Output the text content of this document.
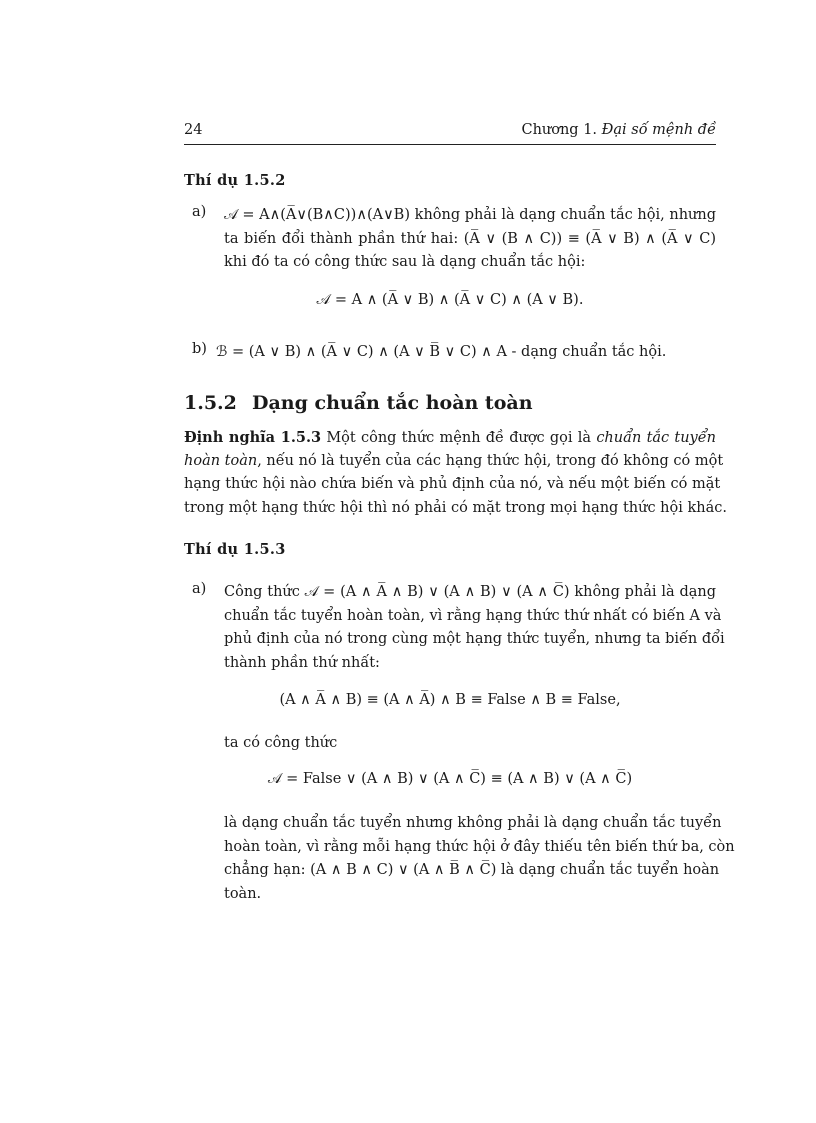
24	Chương 1. Đại số mệnh đề
Thí dụ 1.5.2
a) 𝒜 = A∧(A̅∨(B∧C))∧(A∨B) không phải là dạng chuẩn tắc hội, nhưng
ta biến đổi thành phần thứ hai: (A̅ ∨ (B ∧ C)) ≡ (A̅ ∨ B) ∧ (A̅ ∨ C)
khi đó ta có công thức sau là dạng chuẩn tắc hội:
𝒜 = A ∧ (A̅ ∨ B) ∧ (A̅ ∨ C) ∧ (A ∨ B).
b) ℬ = (A ∨ B) ∧ (A̅ ∨ C) ∧ (A ∨ B̅ ∨ C) ∧ A - dạng chuẩn tắc hội.
1.5.2 Dạng chuẩn tắc hoàn toàn
Định nghĩa 1.5.3 Một công thức mệnh đề được gọi là chuẩn tắc tuyển
hoàn toàn, nếu nó là tuyển của các hạng thức hội, trong đó không có một
hạng thức hội nào chứa biến và phủ định của nó, và nếu một biến có mặt
trong một hạng thức hội thì nó phải có mặt trong mọi hạng thức hội khác.
Thí dụ 1.5.3
a) Công thức 𝒜 = (A ∧ A̅ ∧ B) ∨ (A ∧ B) ∨ (A ∧ C̅) không phải là dạng
chuẩn tắc tuyển hoàn toàn, vì rằng hạng thức thứ nhất có biến A và
phủ định của nó trong cùng một hạng thức tuyển, nhưng ta biến đổi
thành phần thứ nhất:
(A ∧ A̅ ∧ B) ≡ (A ∧ A̅) ∧ B ≡ False ∧ B ≡ False,
ta có công thức
𝒜 = False ∨ (A ∧ B) ∨ (A ∧ C̅) ≡ (A ∧ B) ∨ (A ∧ C̅)
là dạng chuẩn tắc tuyển nhưng không phải là dạng chuẩn tắc tuyển
hoàn toàn, vì rằng mỗi hạng thức hội ở đây thiếu tên biến thứ ba, còn
chẳng hạn: (A ∧ B ∧ C) ∨ (A ∧ B̅ ∧ C̅) là dạng chuẩn tắc tuyển hoàn
toàn.
